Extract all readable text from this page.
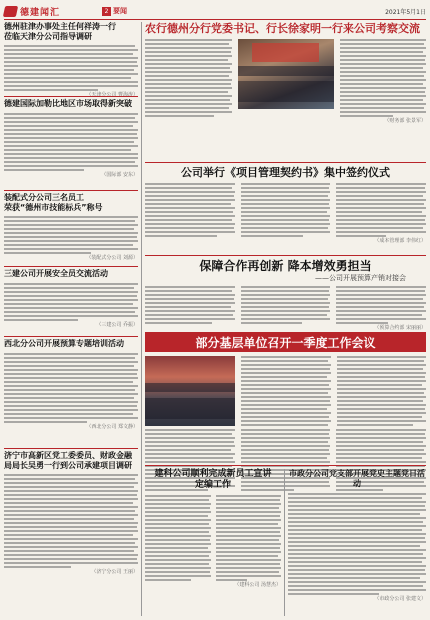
德建闻汇	2 要闻	2021年5月1日
德州驻津办事处主任何祥涛一行
莅临天津分公司指导调研
德建国际加勒比地区市场取得新突破
（国际部 安东）
装配式分公司三名员工
荣获“德州市技能标兵”称号
（装配式分公司 刘源）
三建公司开展安全员交流活动
（三建公司 乔振）
西北分公司开展预算专题培训活动
（西北分公司 郑文静）
济宁市高新区党工委委员、财政金融
局局长吴勇一行到公司承建项目调研
（济宁分公司 王丽）
农行德州分行党委书记、行长徐家明一行来公司考察交流
（财务部 张景军）
公司举行《项目管理契约书》集中签约仪式
（成本管理部 李伟红）
保障合作再创新 降本增效勇担当
——公司开展预算产销对接会
（预算合约部 宋丽丽）
部分基层单位召开一季度工作会议
建科公司顺利完成新员工宣讲
定编工作
（建科公司 汤慧杰）
市政分公司党支部开展党史主题党日活动
（市政分公司 张建文）
